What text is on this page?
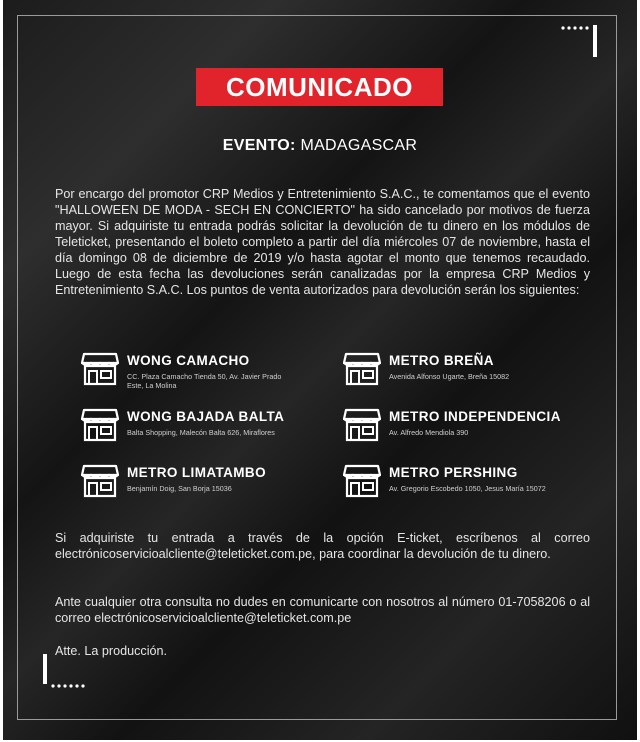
COMUNICADO
EVENTO: MADAGASCAR

Por encargo del promotor CRP Medios y Entretenimiento S.A.C., te comentamos que el evento "HALLOWEEN DE MODA - SECH EN CONCIERTO" ha sido cancelado por motivos de fuerza mayor. Si adquiriste tu entrada podrás solicitar la devolución de tu dinero en los módulos de Teleticket, presentando el boleto completo a partir del día miércoles 07 de noviembre, hasta el día domingo 08 de diciembre de 2019 y/o hasta agotar el monto que tenemos recaudado. Luego de esta fecha las devoluciones serán canalizadas por la empresa CRP Medios y Entretenimiento S.A.C. Los puntos de venta autorizados para devolución serán los siguientes:

WONG CAMACHO
CC. Plaza Camacho Tienda 50, Av. Javier Prado Este, La Molina
METRO BREÑA
Avenida Alfonso Ugarte, Breña 15082
WONG BAJADA BALTA
Balta Shopping, Malecón Balta 626, Miraflores
METRO INDEPENDENCIA
Av. Alfredo Mendiola 390
METRO LIMATAMBO
Benjamín Doig, San Borja 15036
METRO PERSHING
Av. Gregorio Escobedo 1050, Jesus María 15072

Si adquiriste tu entrada a través de la opción E-ticket, escríbenos al correo electrónicoservicioalcliente@teleticket.com.pe, para coordinar la devolución de tu dinero.

Ante cualquier otra consulta no dudes en comunicarte con nosotros al número 01-7058206 o al correo electrónicoservicioalcliente@teleticket.com.pe

Atte. La producción.
